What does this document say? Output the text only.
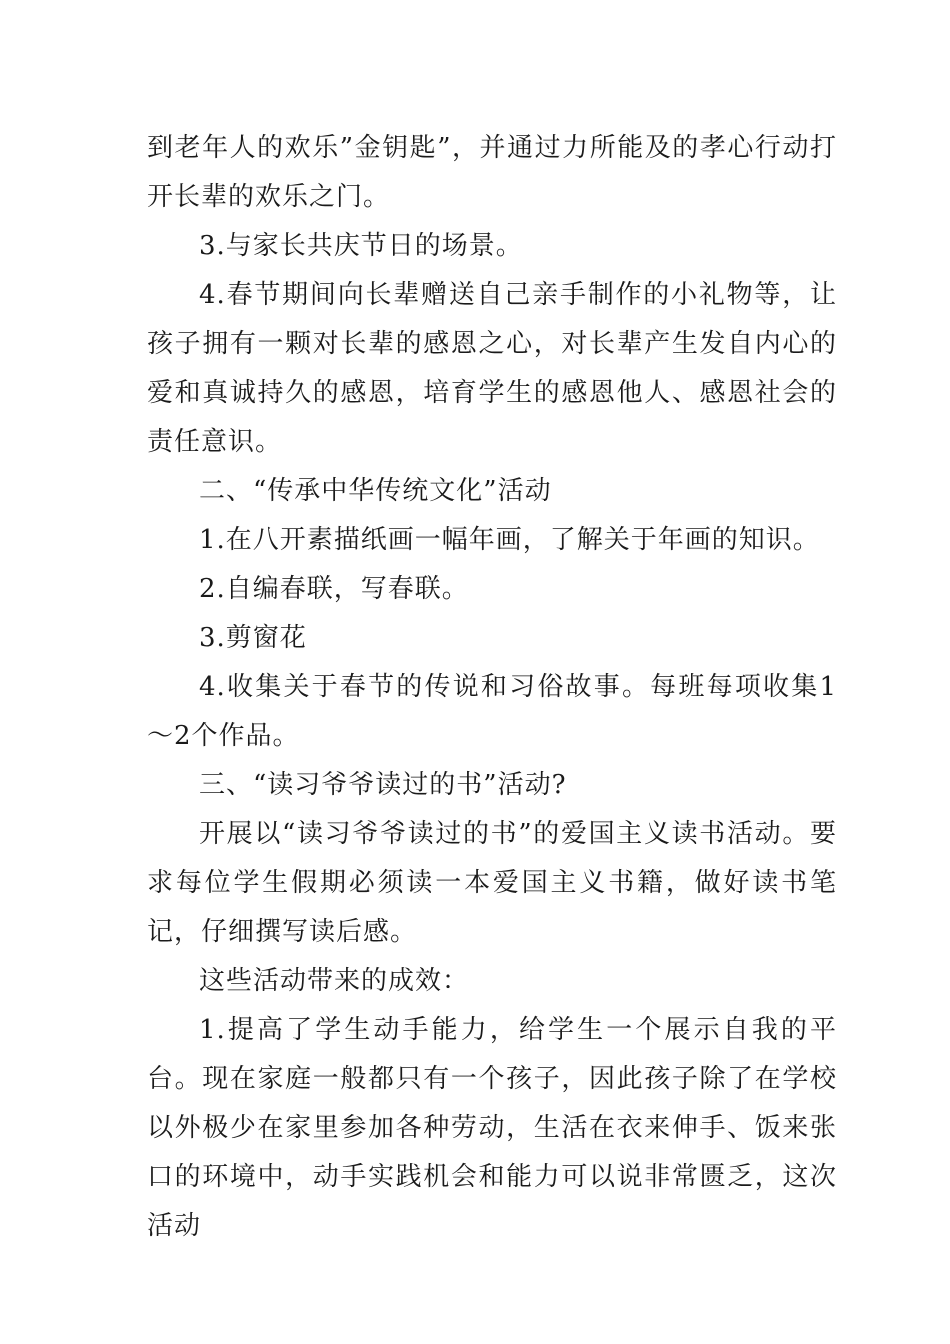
到老年人的欢乐”金钥匙”，并通过力所能及的孝心行动打开长辈的欢乐之门。

3.与家长共庆节日的场景。

4.春节期间向长辈赠送自己亲手制作的小礼物等，让孩子拥有一颗对长辈的感恩之心，对长辈产生发自内心的爱和真诚持久的感恩，培育学生的感恩他人、感恩社会的责任意识。

二、“传承中华传统文化”活动

1.在八开素描纸画一幅年画，了解关于年画的知识。

2.自编春联，写春联。

3.剪窗花

4.收集关于春节的传说和习俗故事。每班每项收集1～2个作品。

三、“读习爷爷读过的书”活动?

开展以“读习爷爷读过的书”的爱国主义读书活动。要求每位学生假期必须读一本爱国主义书籍，做好读书笔记，仔细撰写读后感。

这些活动带来的成效：

1.提高了学生动手能力，给学生一个展示自我的平台。现在家庭一般都只有一个孩子，因此孩子除了在学校以外极少在家里参加各种劳动，生活在衣来伸手、饭来张口的环境中，动手实践机会和能力可以说非常匮乏，这次活动
